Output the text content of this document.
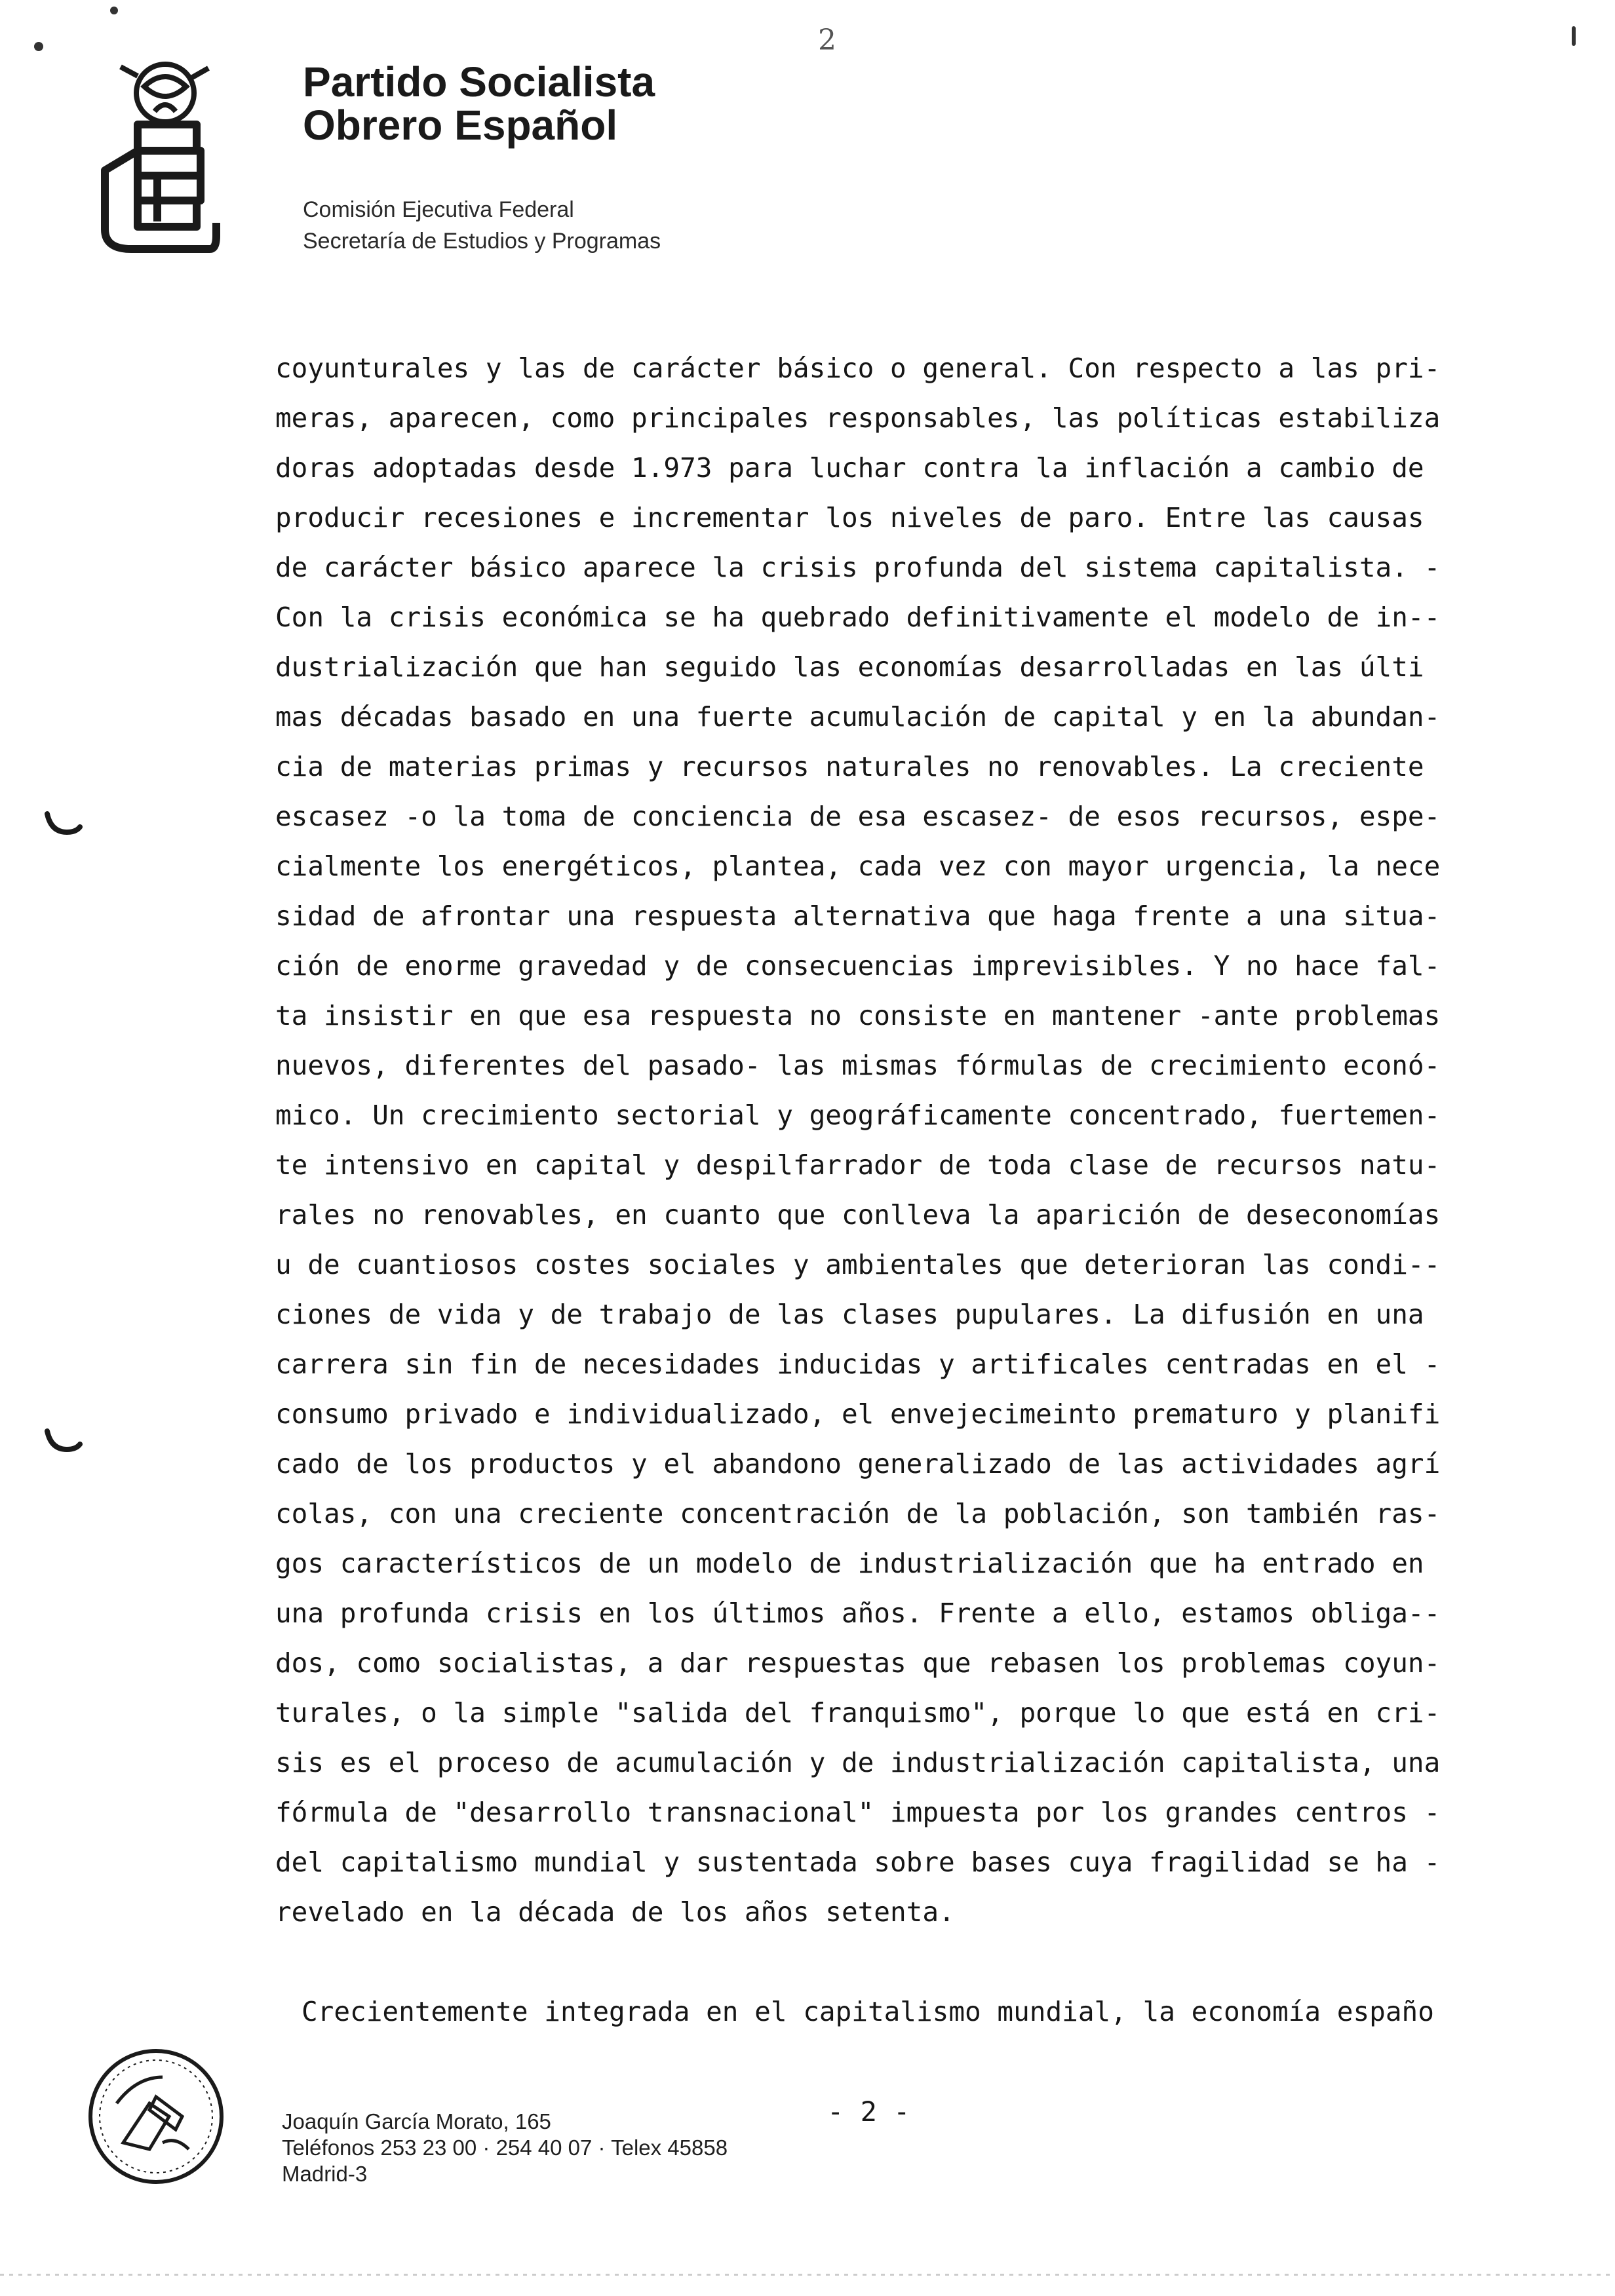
Partido Socialista
Obrero Español
Comisión Ejecutiva Federal
Secretaría de Estudios y Programas
2
coyunturales y las de carácter básico o general. Con respecto a las pri-
meras, aparecen, como principales responsables, las políticas estabiliza
doras adoptadas desde 1.973 para luchar contra la inflación a cambio de
producir recesiones e incrementar los niveles de paro. Entre las causas
de carácter básico aparece la crisis profunda del sistema capitalista. -
Con la crisis económica se ha quebrado definitivamente el modelo de in--
dustrialización que han seguido las economías desarrolladas en las últi
mas décadas basado en una fuerte acumulación de capital y en la abundan-
cia de materias primas y recursos naturales no renovables. La creciente
escasez -o la toma de conciencia de esa escasez- de esos recursos, espe-
cialmente los energéticos, plantea, cada vez con mayor urgencia, la nece
sidad de afrontar una respuesta alternativa que haga frente a una situa-
ción de enorme gravedad y de consecuencias imprevisibles. Y no hace fal-
ta insistir en que esa respuesta no consiste en mantener -ante problemas
nuevos, diferentes del pasado- las mismas fórmulas de crecimiento econó-
mico. Un crecimiento sectorial y geográficamente concentrado, fuertemen-
te intensivo en capital y despilfarrador de toda clase de recursos natu-
rales no renovables, en cuanto que conlleva la aparición de deseconomías
u de cuantiosos costes sociales y ambientales que deterioran las condi--
ciones de vida y de trabajo de las clases pupulares. La difusión en una
carrera sin fin de necesidades inducidas y artificales centradas en el -
consumo privado e individualizado, el envejecimeinto prematuro y planifi
cado de los productos y el abandono generalizado de las actividades agrí
colas, con una creciente concentración de la población, son también ras-
gos característicos de un modelo de industrialización que ha entrado en
una profunda crisis en los últimos años. Frente a ello, estamos obliga--
dos, como socialistas, a dar respuestas que rebasen los problemas coyun-
turales, o la simple "salida del franquismo", porque lo que está en cri-
sis es el proceso de acumulación y de industrialización capitalista, una
fórmula de "desarrollo transnacional" impuesta por los grandes centros -
del capitalismo mundial y sustentada sobre bases cuya fragilidad se ha -
revelado en la década de los años setenta.
Crecientemente integrada en el capitalismo mundial, la economía españo
- 2 -
Joaquín García Morato, 165
Teléfonos 253 23 00 · 254 40 07 · Telex 45858
Madrid-3
